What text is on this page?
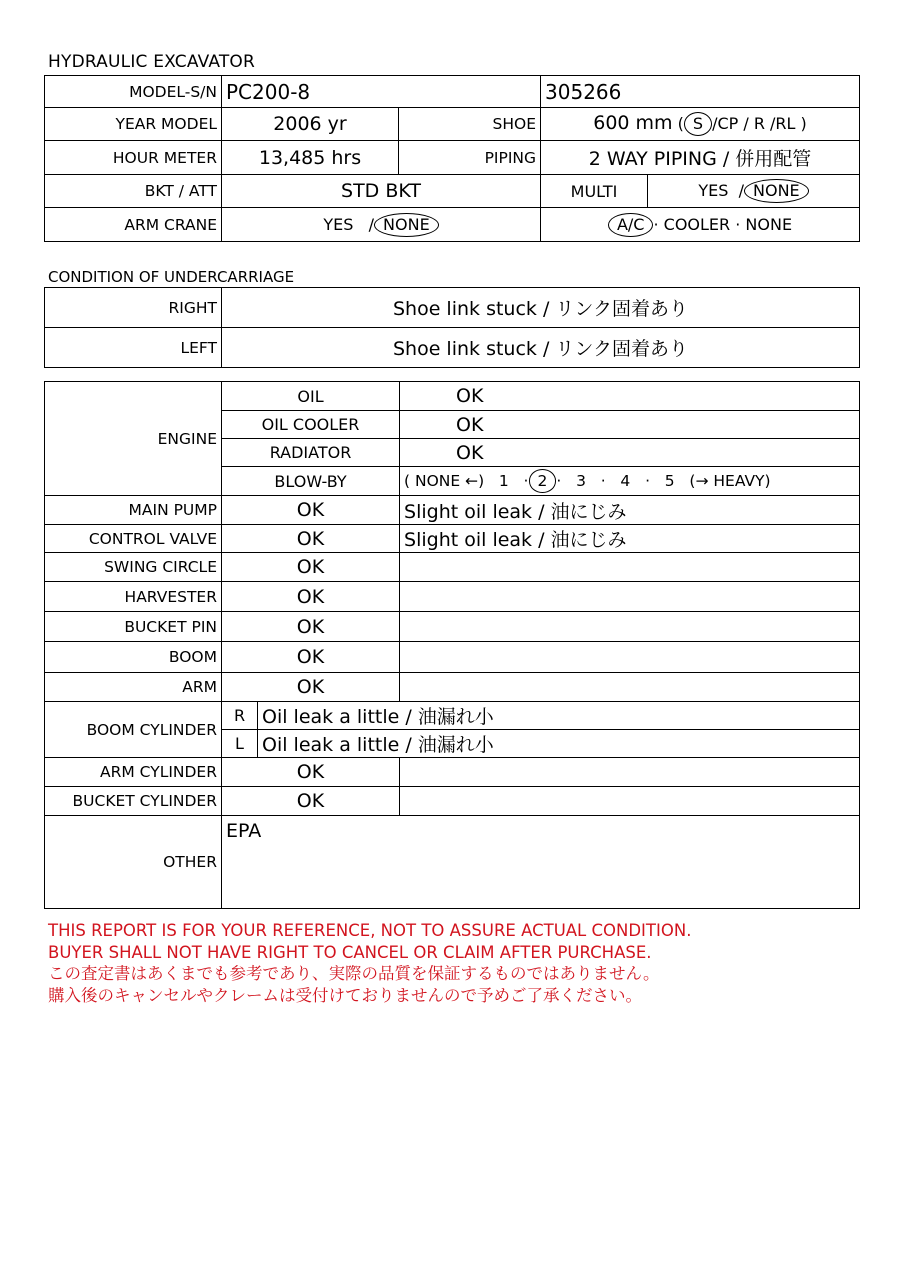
HYDRAULIC EXCAVATOR
MODEL-S/N	PC200-8		305266	
YEAR MODEL	2006 yr	SHOE	600 mm ( S /CP / R /RL )	
HOUR METER	13,485 hrs	PIPING	2 WAY PIPING / 併用配管	
BKT / ATT	STD BKT		MULTI	YES / NONE
ARM CRANE	YES / NONE		A/C · COOLER · NONE	
CONDITION OF UNDERCARRIAGE
RIGHT	Shoe link stuck / リンク固着あり
LEFT	Shoe link stuck / リンク固着あり
ENGINE	OIL		OK
	OIL COOLER		OK
	RADIATOR		OK
	BLOW-BY		( NONE ←)   1   · 2 ·   3   ·   4   ·   5   (→ HEAVY)
MAIN PUMP	OK		Slight oil leak / 油にじみ
CONTROL VALVE	OK		Slight oil leak / 油にじみ
SWING CIRCLE	OK		
HARVESTER	OK		
BUCKET PIN	OK		
BOOM	OK		
ARM	OK		
BOOM CYLINDER	R	Oil leak a little / 油漏れ小	
	L	Oil leak a little / 油漏れ小	
ARM CYLINDER	OK		
BUCKET CYLINDER	OK		
OTHER	EPA		
THIS REPORT IS FOR YOUR REFERENCE, NOT TO ASSURE ACTUAL CONDITION.
BUYER SHALL NOT HAVE RIGHT TO CANCEL OR CLAIM AFTER PURCHASE.
この査定書はあくまでも参考であり、実際の品質を保証するものではありません。
購入後のキャンセルやクレームは受付けておりませんので予めご了承ください。
